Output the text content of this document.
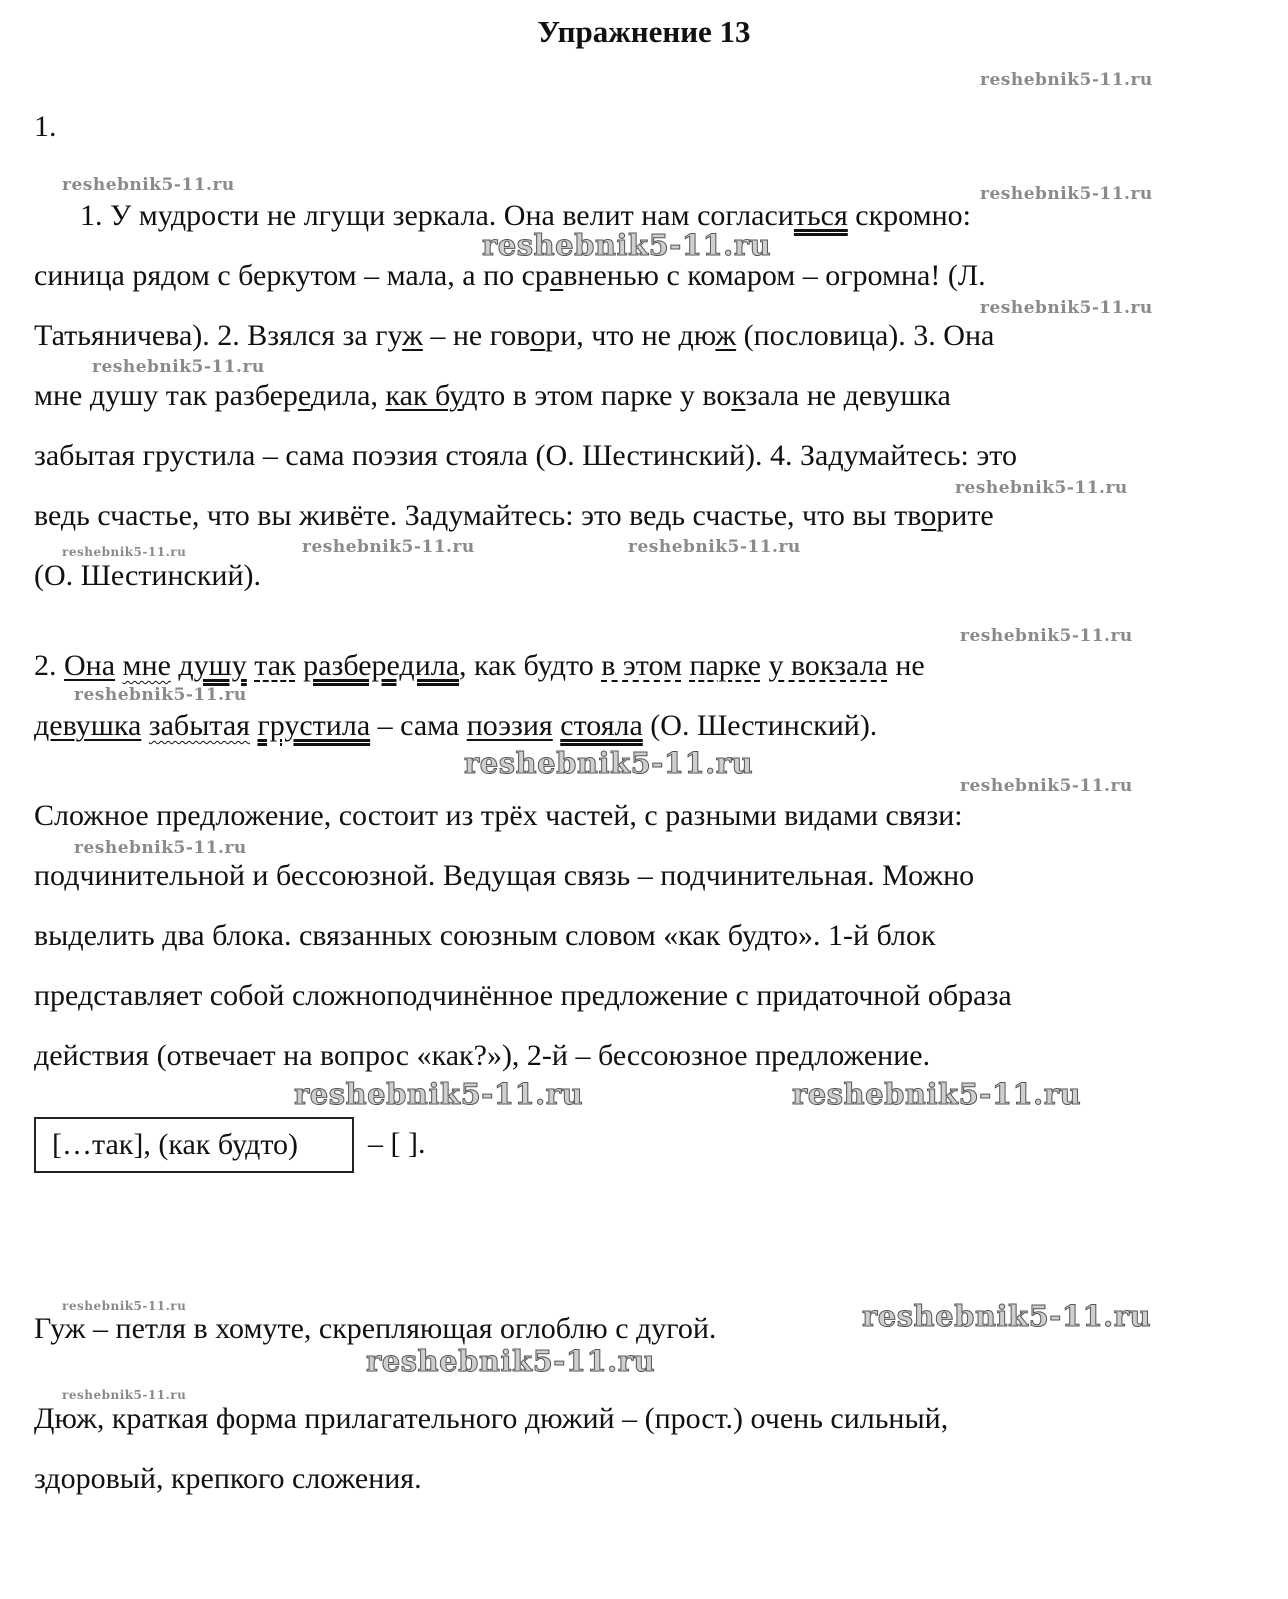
Упражнение 13
1.
1. У мудрости не лгущи зеркала. Она велит нам согласиться скромно:
синица рядом с беркутом – мала, а по сравненью с комаром – огромна! (Л.
Татьяничева). 2. Взялся за гуж – не говори, что не дюж (пословица). 3. Она
мне душу так разбередила, как будто в этом парке у вокзала не девушка
забытая грустила – сама поэзия стояла (О. Шестинский). 4. Задумайтесь: это
ведь счастье, что вы живёте. Задумайтесь: это ведь счастье, что вы творите
(О. Шестинский).
2. Она мне душу так разбередила, как будто в этом парке у вокзала не
девушка забытая грустила – сама поэзия стояла (О. Шестинский).
Сложное предложение, состоит из трёх частей, с разными видами связи:
подчинительной и бессоюзной. Ведущая связь – подчинительная. Можно
выделить два блока. связанных союзным словом «как будто». 1-й блок
представляет собой сложноподчинённое предложение с придаточной образа
действия (отвечает на вопрос «как?»), 2-й – бессоюзное предложение.
[…так], (как будто) – [ ].
Гуж – петля в хомуте, скрепляющая оглоблю с дугой.
Дюж, краткая форма прилагательного дюжий – (прост.) очень сильный,
здоровый, крепкого сложения.
reshebnik5-11.ru
reshebnik5-11.ru	reshebnik5-11.ru
reshebnik5-11.ru
reshebnik5-11.ru
reshebnik5-11.ru
reshebnik5-11.ru
reshebnik5-11.ru	reshebnik5-11.ru	reshebnik5-11.ru
reshebnik5-11.ru
reshebnik5-11.ru
reshebnik5-11.ru
reshebnik5-11.ru
reshebnik5-11.ru
reshebnik5-11.ru	reshebnik5-11.ru
reshebnik5-11.ru	reshebnik5-11.ru
reshebnik5-11.ru
reshebnik5-11.ru
